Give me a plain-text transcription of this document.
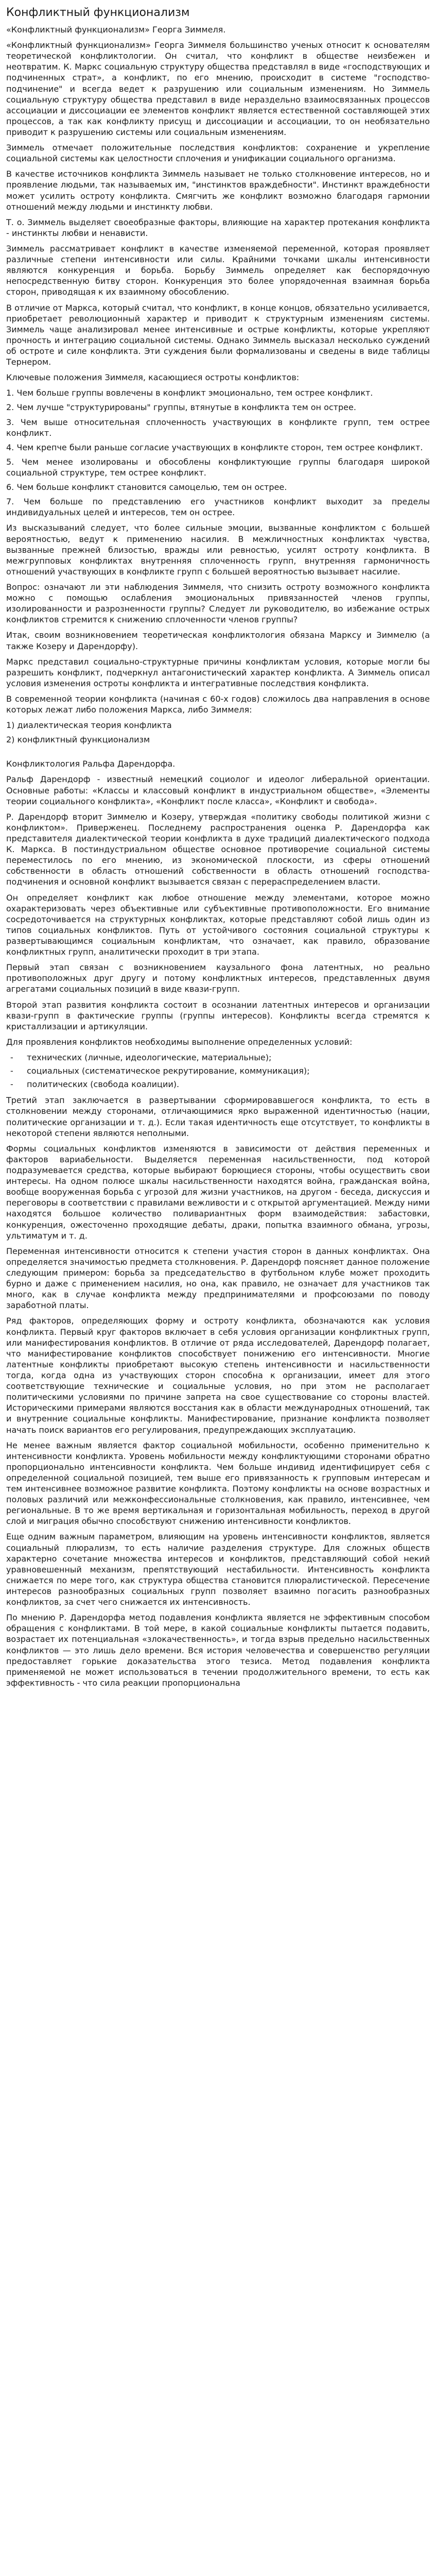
Конфликтный функционализм

«Конфликтный функционализм» Георга Зиммеля.

«Конфликтный функционализм» Георга Зиммеля большинство ученых относит к основателям теоретической конфликтологии. Он считал, что конфликт в обществе неизбежен и неотвратим. К. Маркс социальную структуру общества представлял в виде «господствующих и подчиненных страт», а конфликт, по его мнению, происходит в системе "господство-подчинение" и всегда ведет к разрушению или социальным изменениям. Но Зиммель социальную структуру общества представил в виде нераздельно взаимосвязанных процессов ассоциации и диссоциации ее элементов конфликт является естественной составляющей этих процессов, а так как конфликту присущ и диссоциации и ассоциации, то он необязательно приводит к разрушению системы или социальным изменениям.

Зиммель отмечает положительные последствия конфликтов: сохранение и укрепление социальной системы как целостности сплочения и унификации социального организма.

В качестве источников конфликта Зиммель называет не только столкновение интересов, но и проявление людьми, так называемых им, "инстинктов враждебности". Инстинкт враждебности может усилить остроту конфликта. Смягчить же конфликт возможно благодаря гармонии отношений между людьми и инстинкту любви.

Т. о. Зиммель выделяет своеобразные факторы, влияющие на характер протекания конфликта - инстинкты любви и ненависти.

Зиммель рассматривает конфликт в качестве изменяемой переменной, которая проявляет различные степени интенсивности или силы. Крайними точками шкалы интенсивности являются конкуренция и борьба. Борьбу Зиммель определяет как беспорядочную непосредственную битву сторон. Конкуренция это более упорядоченная взаимная борьба сторон, приводящая к их взаимному обособлению.

В отличие от Маркса, который считал, что конфликт, в конце концов, обязательно усиливается, приобретает революционный характер и приводит к структурным изменениям системы. Зиммель чаще анализировал менее интенсивные и острые конфликты, которые укрепляют прочность и интеграцию социальной системы. Однако Зиммель высказал несколько суждений об остроте и силе конфликта. Эти суждения были формализованы и сведены в виде таблицы Тернером.

Ключевые положения Зиммеля, касающиеся остроты конфликтов:

1. Чем больше группы вовлечены в конфликт эмоционально, тем острее конфликт.

2. Чем лучше "структурированы" группы, втянутые в конфликта тем он острее.

3. Чем выше относительная сплоченность участвующих в конфликте групп, тем острее конфликт.

4. Чем крепче были раньше согласие участвующих в конфликте сторон, тем острее конфликт.

5. Чем менее изолированы и обособлены конфликтующие группы благодаря широкой социальной структуре, тем острее конфликт.

6. Чем больше конфликт становится самоцелью, тем он острее.

7. Чем больше по представлению его участников конфликт выходит за пределы индивидуальных целей и интересов, тем он острее.

Из высказываний следует, что более сильные эмоции, вызванные конфликтом с большей вероятностью, ведут к применению насилия. В межличностных конфликтах чувства, вызванные прежней близостью, вражды или ревностью, усилят остроту конфликта. В межгрупповых конфликтах внутренняя сплоченность групп, внутренняя гармоничность отношений участвующих в конфликте групп с большей вероятностью вызывает насилие.

Вопрос: означают ли эти наблюдения Зиммеля, что снизить остроту возможного конфликта можно с помощью ослабления эмоциональных привязанностей членов группы, изолированности и разрозненности группы? Следует ли руководителю, во избежание острых конфликтов стремится к снижению сплоченности членов группы?

Итак, своим возникновением теоретическая конфликтология обязана Марксу и Зиммелю (а также Козеру и Дарендорфу).

Маркс представил социально-структурные причины конфликтам условия, которые могли бы разрешить конфликт, подчеркнул антагонистический характер конфликта. А Зиммель описал условия изменения остроты конфликта и интегративные последствия конфликта.

В современной теории конфликта (начиная с 60-х годов) сложилось два направления в основе которых лежат либо положения Маркса, либо Зиммеля:

1) диалектическая теория конфликта

2) конфликтный функционализм

Конфликтология Ральфа Дарендорфа.

Ральф Дарендорф - известный немецкий социолог и идеолог либеральной ориентации. Основные работы: «Классы и классовый конфликт в индустриальном обществе», «Элементы теории социального конфликта», «Конфликт после класса», «Конфликт и свобода».

Р. Дарендорф вторит Зиммелю и Козеру, утверждая «политику свободы политикой жизни с конфликтом». Приверженец. Последнему распространения оценка Р. Дарендорфа как представителя диалектической теории конфликта в духе традиций диалектического подхода К. Маркса. В постиндустриальном обществе основное противоречие социальной системы переместилось по его мнению, из экономической плоскости, из сферы отношений собственности в область отношений собственности в область отношений господства-подчинения и основной конфликт вызывается связан с перераспределением власти.

Он определяет конфликт как любое отношение между элементами, которое можно охарактеризовать через объективные или субъективные противоположности. Его внимание сосредоточивается на структурных конфликтах, которые представляют собой лишь один из типов социальных конфликтов. Путь от устойчивого состояния социальной структуры к развертывающимся социальным конфликтам, что означает, как правило, образование конфликтных групп, аналитически проходит в три этапа.

Первый этап связан с возникновением каузального фона латентных, но реально противоположных друг другу и потому конфликтных интересов, представленных двумя агрегатами социальных позиций в виде квази-групп.

Второй этап развития конфликта состоит в осознании латентных интересов и организации квази-групп в фактические группы (группы интересов). Конфликты всегда стремятся к кристаллизации и артикуляции.

Для проявления конфликтов необходимы выполнение определенных условий:

- технических (личные, идеологические, материальные);
- социальных (систематическое рекрутирование, коммуникация);
- политических (свобода коалиции).

Третий этап заключается в развертывании сформировавшегося конфликта, то есть в столкновении между сторонами, отличающимися ярко выраженной идентичностью (нации, политические организации и т. д.). Если такая идентичность еще отсутствует, то конфликты в некоторой степени являются неполными.

Формы социальных конфликтов изменяются в зависимости от действия переменных и факторов вариабельности. Выделяется переменная насильственности, под которой подразумевается средства, которые выбирают борющиеся стороны, чтобы осуществить свои интересы. На одном полюсе шкалы насильственности находятся война, гражданская война, вообще вооруженная борьба с угрозой для жизни участников, на другом - беседа, дискуссия и переговоры в соответствии с правилами вежливости и с открытой аргументацией. Между ними находятся большое количество поливариантных форм взаимодействия: забастовки, конкуренция, ожесточенно проходящие дебаты, драки, попытка взаимного обмана, угрозы, ультиматум и т. д.

Переменная интенсивности относится к степени участия сторон в данных конфликтах. Она определяется значимостью предмета столкновения. Р. Дарендорф поясняет данное положение следующим примером: борьба за председательство в футбольном клубе может проходить бурно и даже с применением насилия, но она, как правило, не означает для участников так много, как в случае конфликта между предпринимателями и профсоюзами по поводу заработной платы.

Ряд факторов, определяющих форму и остроту конфликта, обозначаются как условия конфликта. Первый круг факторов включает в себя условия организации конфликтных групп, или манифестирования конфликтов. В отличие от ряда исследователей, Дарендорф полагает, что манифестирование конфликтов способствует понижению его интенсивности. Многие латентные конфликты приобретают высокую степень интенсивности и насильственности тогда, когда одна из участвующих сторон способна к организации, имеет для этого соответствующие технические и социальные условия, но при этом не располагает политическими условиями по причине запрета на свое существование со стороны властей. Историческими примерами являются восстания как в области международных отношений, так и внутренние социальные конфликты. Манифестирование, признание конфликта позволяет начать поиск вариантов его регулирования, предупреждающих эксплуатацию.

Не менее важным является фактор социальной мобильности, особенно применительно к интенсивности конфликта. Уровень мобильности между конфликтующими сторонами обратно пропорционально интенсивности конфликта. Чем больше индивид идентифицирует себя с определенной социальной позицией, тем выше его привязанность к групповым интересам и тем интенсивнее возможное развитие конфликта. Поэтому конфликты на основе возрастных и половых различий или межконфессиональные столкновения, как правило, интенсивнее, чем региональные. В то же время вертикальная и горизонтальная мобильность, переход в другой слой и миграция обычно способствуют снижению интенсивности конфликтов.

Еще одним важным параметром, влияющим на уровень интенсивности конфликтов, является социальный плюрализм, то есть наличие разделения структуре. Для сложных обществ характерно сочетание множества интересов и конфликтов, представляющий собой некий уравновешенный механизм, препятствующий нестабильности. Интенсивность конфликта снижается по мере того, как структура общества становится плюралистической. Пересечение интересов разнообразных социальных групп позволяет взаимно погасить разнообразных конфликтов, за счет чего снижается их интенсивность.

По мнению Р. Дарендорфа метод подавления конфликта является не эффективным способом обращения с конфликтами. В той мере, в какой социальные конфликты пытается подавить, возрастает их потенциальная «злокачественность», и тогда взрыв предельно насильственных конфликтов — это лишь дело времени. Вся история человечества и совершенство регуляции предоставляет горькие доказательства этого тезиса. Метод подавления конфликта применяемой не может использоваться в течении продолжительного времени, то есть как эффективность - что сила реакции пропорциональна
